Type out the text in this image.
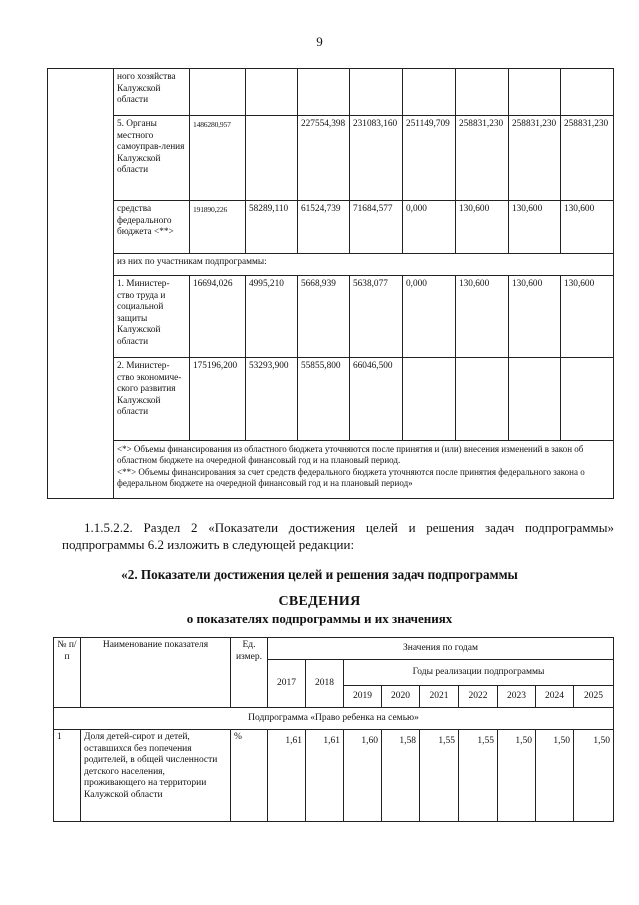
9
	ного хозяйства Калужской области								
	5. Органы местного самоуправ-ления Калужской области	1486280,957		227554,398	231083,160	251149,709	258831,230	258831,230	258831,230
	средства федерального бюджета <**>	191890,226	58289,110	61524,739	71684,577	0,000	130,600	130,600	130,600
	из них по участникам подпрограммы:								
	1. Министер-ство труда и социальной защиты Калужской области	16694,026	4995,210	5668,939	5638,077	0,000	130,600	130,600	130,600
	2. Министер-ство экономиче-ского развития Калужской области	175196,200	53293,900	55855,800	66046,500				

	<*> Объемы финансирования из областного бюджета уточняются после принятия и (или) внесения изменений в закон об областном бюджете на очередной финансовый год и на плановый период.
<**> Объемы финансирования за счет средств федерального бюджета уточняются после принятия федерального закона о федеральном бюджете на очередной финансовый год и на плановый период»								
1.1.5.2.2. Раздел 2 «Показатели достижения целей и решения задач подпрограммы» подпрограммы 6.2 изложить в следующей редакции:
«2. Показатели достижения целей и решения задач подпрограммы
СВЕДЕНИЯ
о показателях подпрограммы и их значениях
№ п/п	Наименование показателя	Ед. измер.	Значения по годам								
			2017	2018	Годы реализации подпрограммы						
					2019	2020	2021	2022	2023	2024	2025
Подпрограмма «Право ребенка на семью»											
1	Доля детей-сирот и детей, оставшихся без попечения родителей, в общей численности детского населения, проживающего на территории Калужской области	%	1,61	1,61	1,60	1,58	1,55	1,55	1,50	1,50	1,50
